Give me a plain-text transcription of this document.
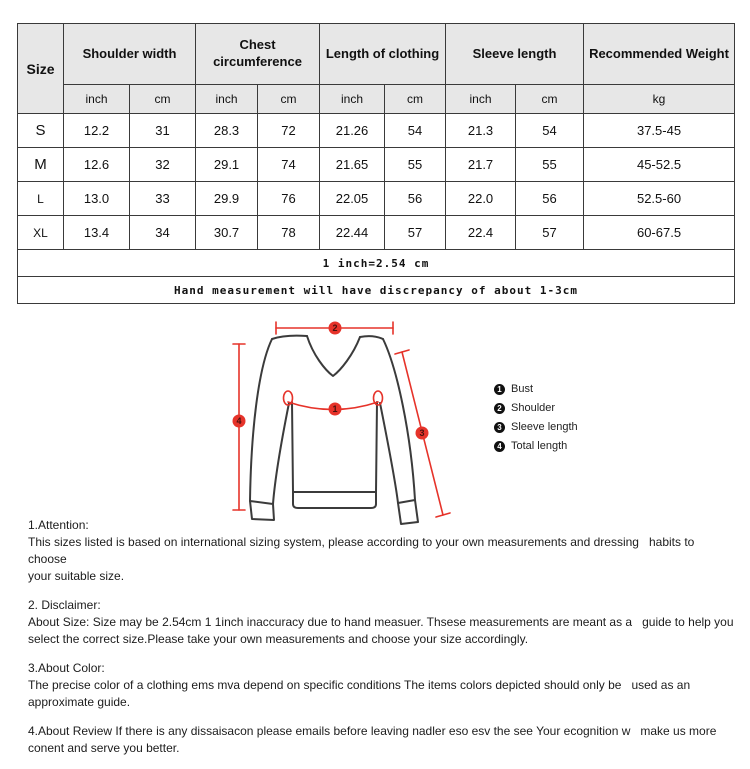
Size	Shoulder width		Chest circumference		Length of clothing		Sleeve length		Recommended Weight
	inch	cm	inch	cm	inch	cm	inch	cm	kg
S	12.2	31	28.3	72	21.26	54	21.3	54	37.5-45
M	12.6	32	29.1	74	21.65	55	21.7	55	45-52.5
L	13.0	33	29.9	76	22.05	56	22.0	56	52.5-60
XL	13.4	34	30.7	78	22.44	57	22.4	57	60-67.5
1 inch=2.54 cm									
Hand measurement will have discrepancy of about 1-3cm									
2
4
1
3
1 Bust
2 Shoulder
3 Sleeve length
4 Total length
1.Attention:
This sizes listed is based on international sizing system, please according to your own measurements and dressing   habits to choose
your suitable size.
2. Disclaimer:
About Size: Size may be 2.54cm 1 1inch inaccuracy due to hand measuer. Thsese measurements are meant as a   guide to help you
select the correct size.Please take your own measurements and choose your size accordingly.
3.About Color:
The precise color of a clothing ems mva depend on specific conditions The items colors depicted should only be   used as an
approximate guide.
4.About Review If there is any dissaisacon please emails before leaving nadler eso esv the see Your ecognition w   make us more
conent and serve you better.
